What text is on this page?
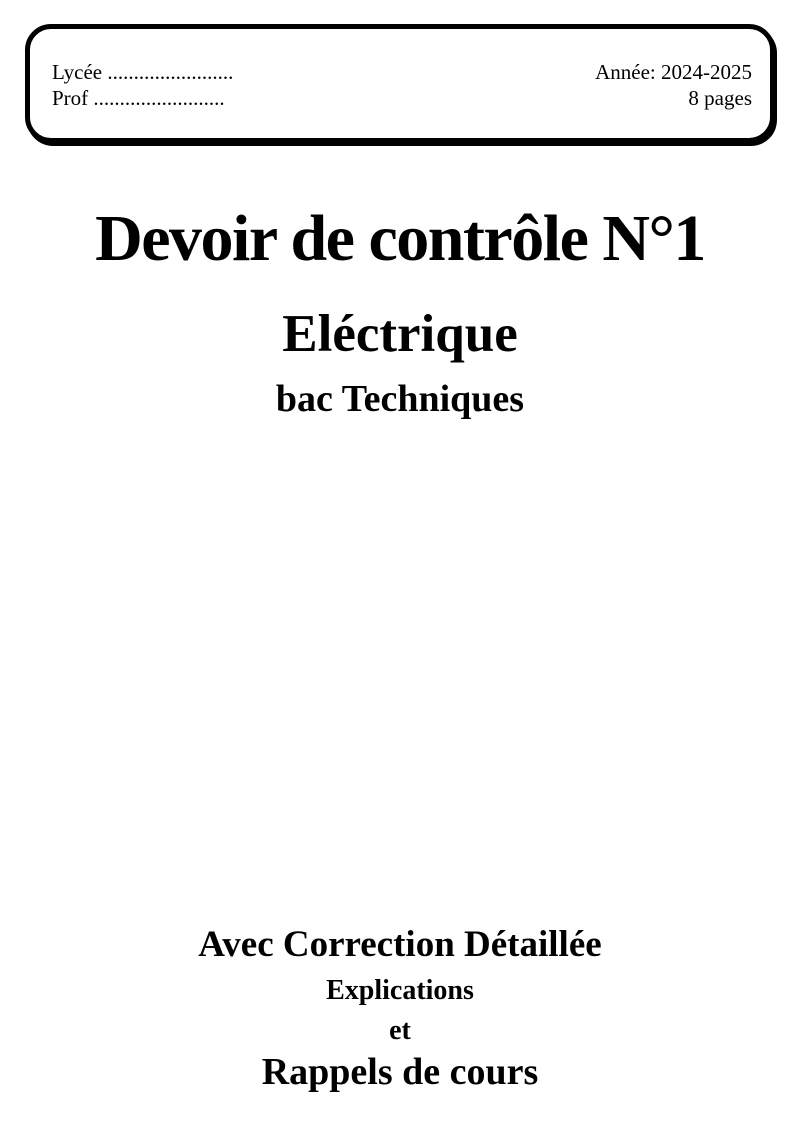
Lycée ........................	Année: 2024-2025
Prof .........................	8 pages
Devoir de contrôle N°1
Eléctrique
bac Techniques
Avec Correction Détaillée
Explications
et
Rappels de cours
